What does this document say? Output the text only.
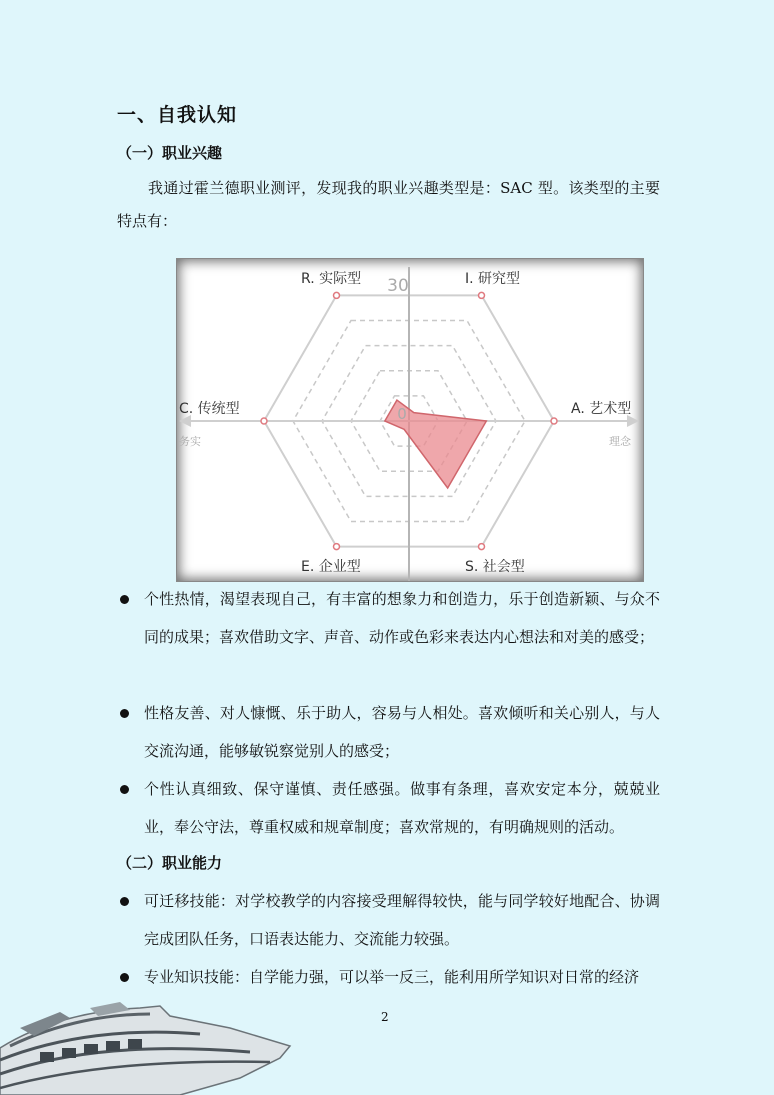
一、自我认知
（一）职业兴趣
我通过霍兰德职业测评，发现我的职业兴趣类型是：SAC 型。该类型的主要特点有：
R. 实际型	I. 研究型
A. 艺术型
S. 社会型
E. 企业型
C. 传统型
30
0
务实	理念
个性热情，渴望表现自己，有丰富的想象力和创造力，乐于创造新颖、与众不同的成果；喜欢借助文字、声音、动作或色彩来表达内心想法和对美的感受；
性格友善、对人慷慨、乐于助人，容易与人相处。喜欢倾听和关心别人，与人交流沟通，能够敏锐察觉别人的感受；
个性认真细致、保守谨慎、责任感强。做事有条理，喜欢安定本分，兢兢业业，奉公守法，尊重权威和规章制度；喜欢常规的，有明确规则的活动。
（二）职业能力
可迁移技能：对学校教学的内容接受理解得较快，能与同学较好地配合、协调完成团队任务，口语表达能力、交流能力较强。
专业知识技能：自学能力强，可以举一反三，能利用所学知识对日常的经济
2
